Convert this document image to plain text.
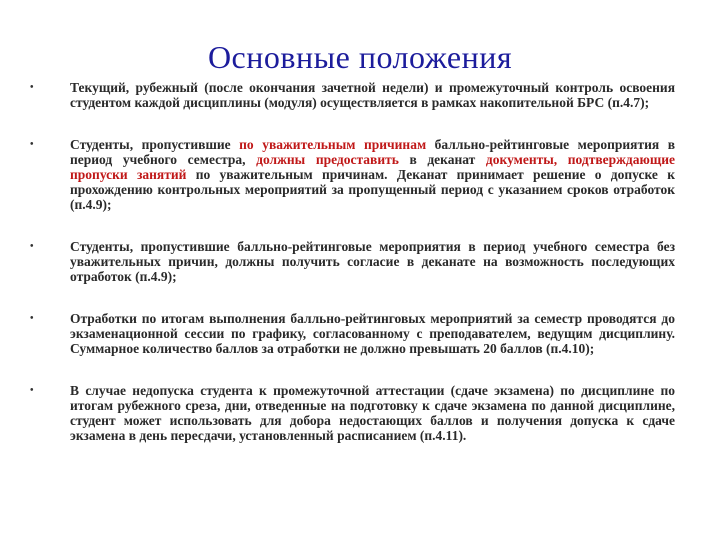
Основные положения
•	Текущий, рубежный (после окончания зачетной недели) и промежуточный контроль освоения студентом каждой дисциплины (модуля) осуществляется в рамках накопительной БРС (п.4.7);
•	Студенты, пропустившие по уважительным причинам балльно-рейтинговые мероприятия в период учебного семестра, должны предоставить в деканат документы, подтверждающие пропуски занятий по уважительным причинам. Деканат принимает решение о допуске к прохождению контрольных мероприятий за пропущенный период с указанием сроков отработок (п.4.9);
•	Студенты, пропустившие балльно-рейтинговые мероприятия в период учебного семестра без уважительных причин, должны получить согласие в деканате на возможность последующих отработок (п.4.9);
•	Отработки по итогам выполнения балльно-рейтинговых мероприятий за семестр проводятся до экзаменационной сессии по графику, согласованному с преподавателем, ведущим дисциплину. Суммарное количество баллов за отработки не должно превышать 20 баллов (п.4.10);
•	В случае недопуска студента к промежуточной аттестации (сдаче экзамена) по дисциплине по итогам рубежного среза, дни, отведенные на подготовку к сдаче экзамена по данной дисциплине, студент может использовать для добора недостающих баллов и получения допуска к сдаче экзамена в день пересдачи, установленный расписанием (п.4.11).
